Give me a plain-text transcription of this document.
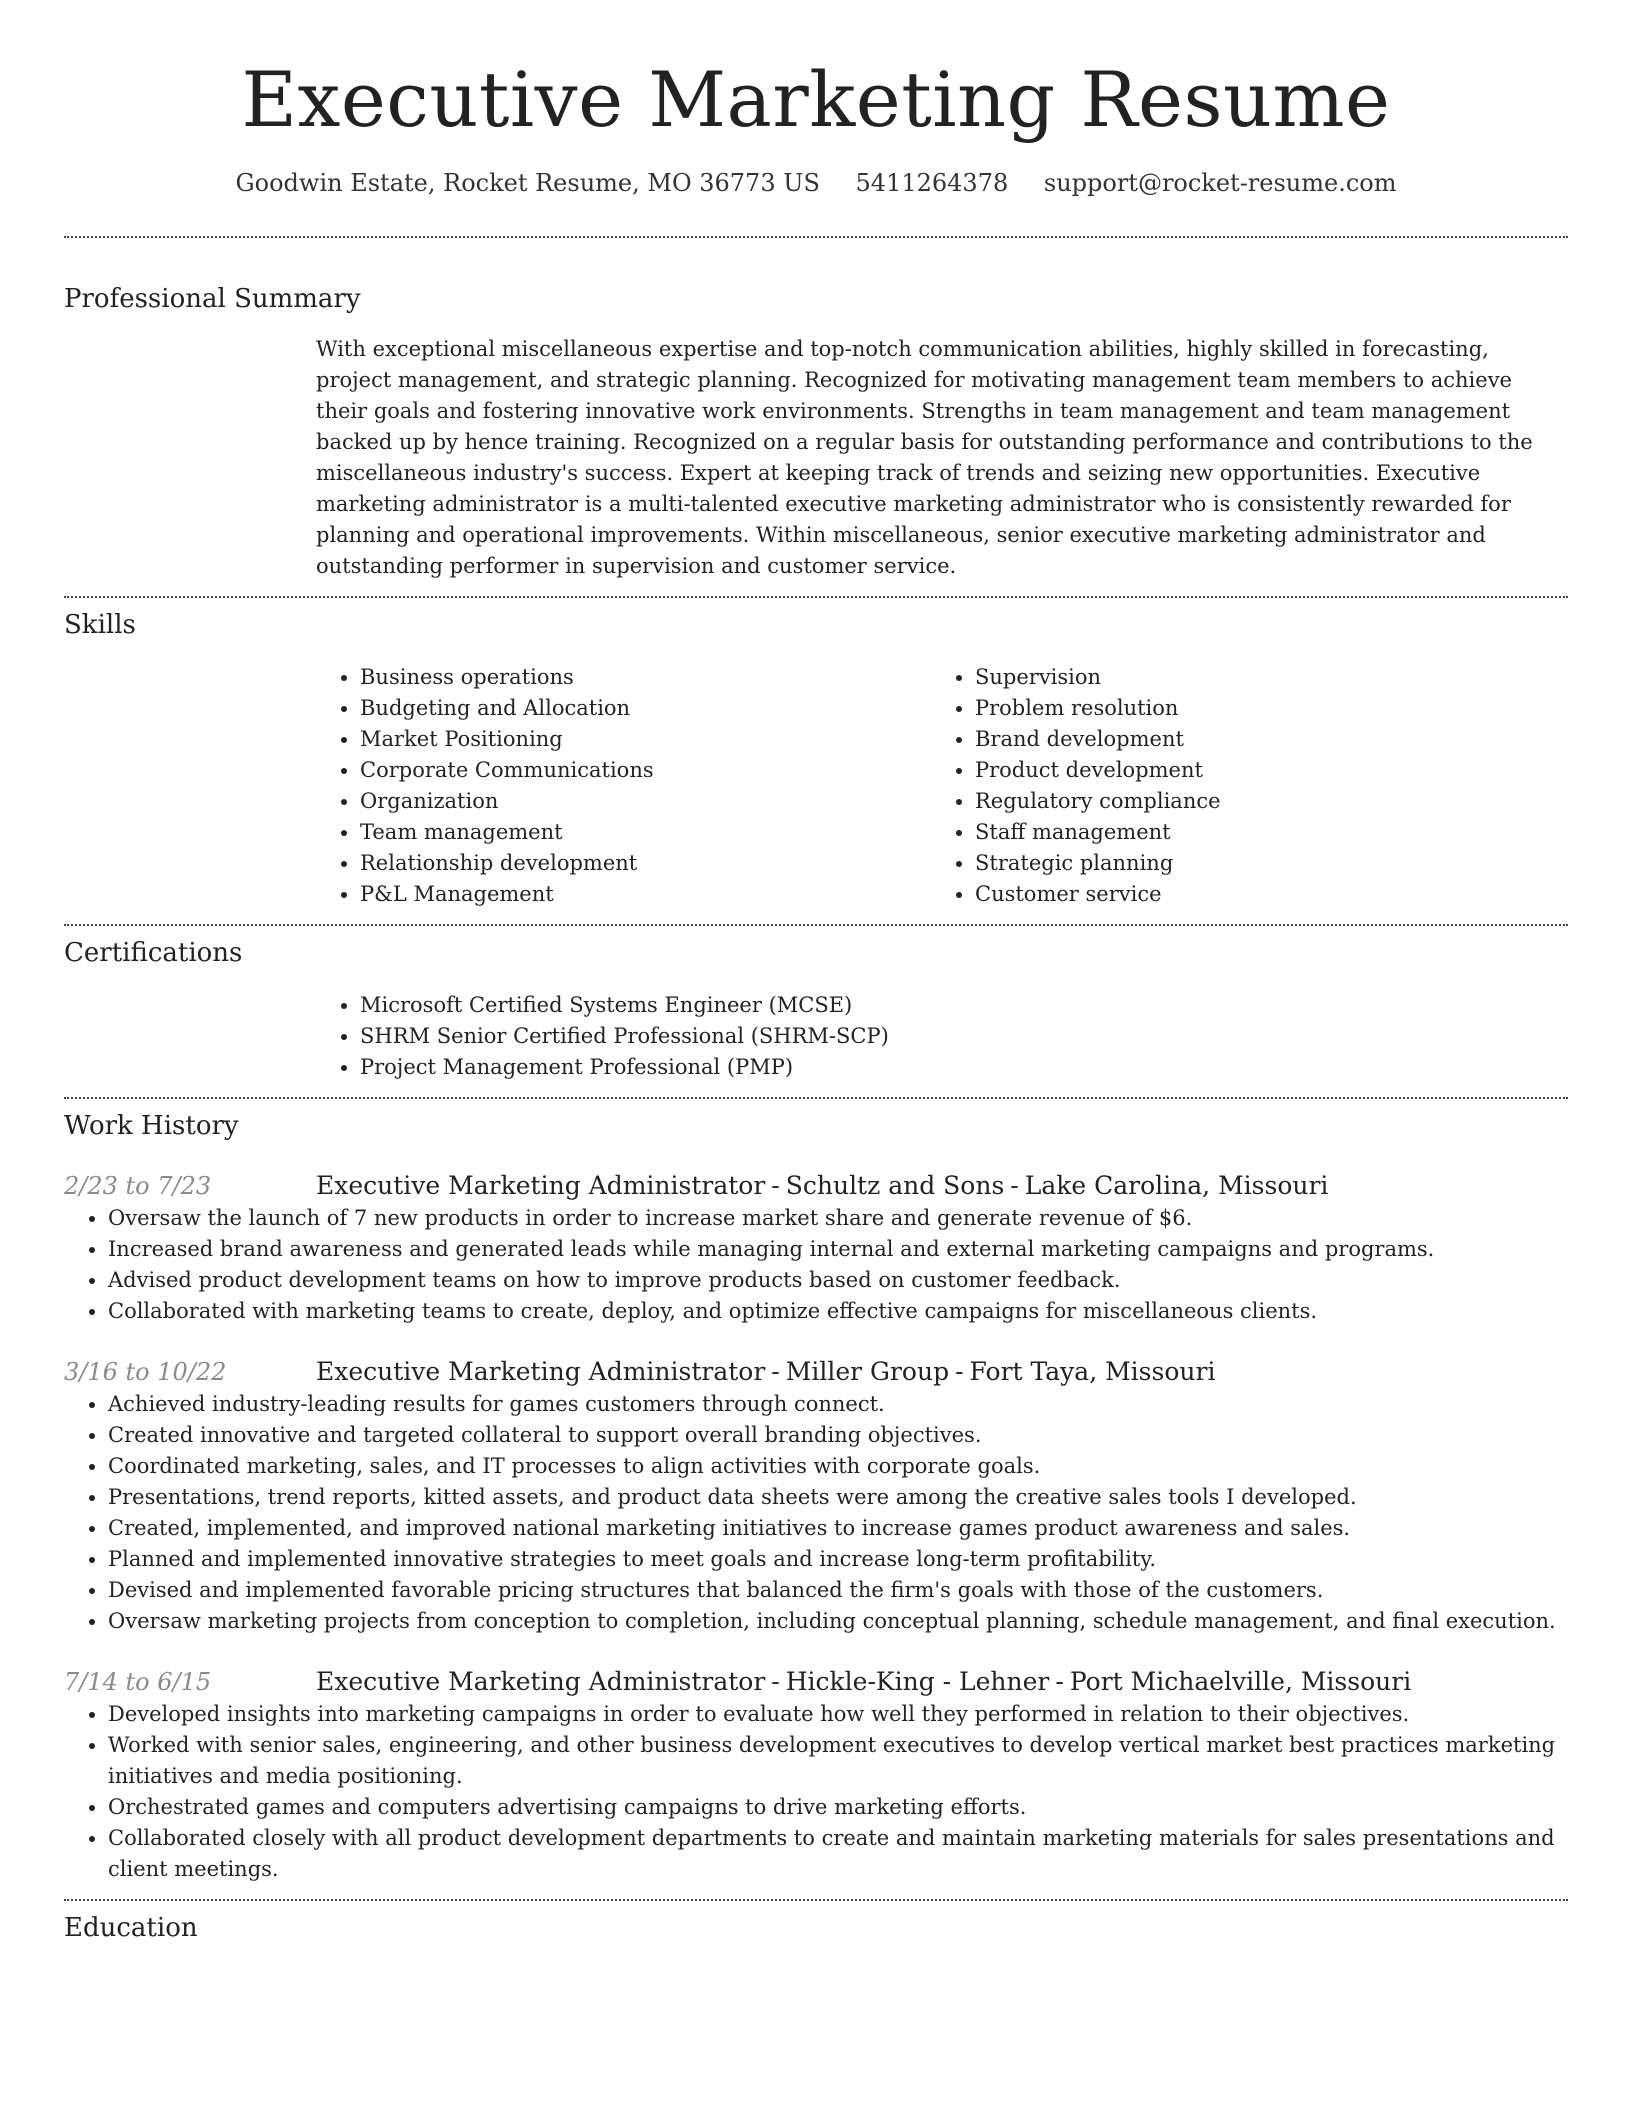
Executive Marketing Resume
Goodwin Estate, Rocket Resume, MO 36773 US 5411264378 support@rocket-resume.com
Professional Summary
With exceptional miscellaneous expertise and top-notch communication abilities, highly skilled in forecasting, project management, and strategic planning. Recognized for motivating management team members to achieve their goals and fostering innovative work environments. Strengths in team management and team management backed up by hence training. Recognized on a regular basis for outstanding performance and contributions to the miscellaneous industry's success. Expert at keeping track of trends and seizing new opportunities. Executive marketing administrator is a multi-talented executive marketing administrator who is consistently rewarded for planning and operational improvements. Within miscellaneous, senior executive marketing administrator and outstanding performer in supervision and customer service.
Skills
• Business operations
• Budgeting and Allocation
• Market Positioning
• Corporate Communications
• Organization
• Team management
• Relationship development
• P&L Management
• Supervision
• Problem resolution
• Brand development
• Product development
• Regulatory compliance
• Staff management
• Strategic planning
• Customer service
Certifications
• Microsoft Certified Systems Engineer (MCSE)
• SHRM Senior Certified Professional (SHRM-SCP)
• Project Management Professional (PMP)
Work History
2/23 to 7/23	Executive Marketing Administrator - Schultz and Sons - Lake Carolina, Missouri
• Oversaw the launch of 7 new products in order to increase market share and generate revenue of $6.
• Increased brand awareness and generated leads while managing internal and external marketing campaigns and programs.
• Advised product development teams on how to improve products based on customer feedback.
• Collaborated with marketing teams to create, deploy, and optimize effective campaigns for miscellaneous clients.
3/16 to 10/22	Executive Marketing Administrator - Miller Group - Fort Taya, Missouri
• Achieved industry-leading results for games customers through connect.
• Created innovative and targeted collateral to support overall branding objectives.
• Coordinated marketing, sales, and IT processes to align activities with corporate goals.
• Presentations, trend reports, kitted assets, and product data sheets were among the creative sales tools I developed.
• Created, implemented, and improved national marketing initiatives to increase games product awareness and sales.
• Planned and implemented innovative strategies to meet goals and increase long-term profitability.
• Devised and implemented favorable pricing structures that balanced the firm's goals with those of the customers.
• Oversaw marketing projects from conception to completion, including conceptual planning, schedule management, and final execution.
7/14 to 6/15	Executive Marketing Administrator - Hickle-King - Lehner - Port Michaelville, Missouri
• Developed insights into marketing campaigns in order to evaluate how well they performed in relation to their objectives.
• Worked with senior sales, engineering, and other business development executives to develop vertical market best practices marketing initiatives and media positioning.
• Orchestrated games and computers advertising campaigns to drive marketing efforts.
• Collaborated closely with all product development departments to create and maintain marketing materials for sales presentations and client meetings.
Education
